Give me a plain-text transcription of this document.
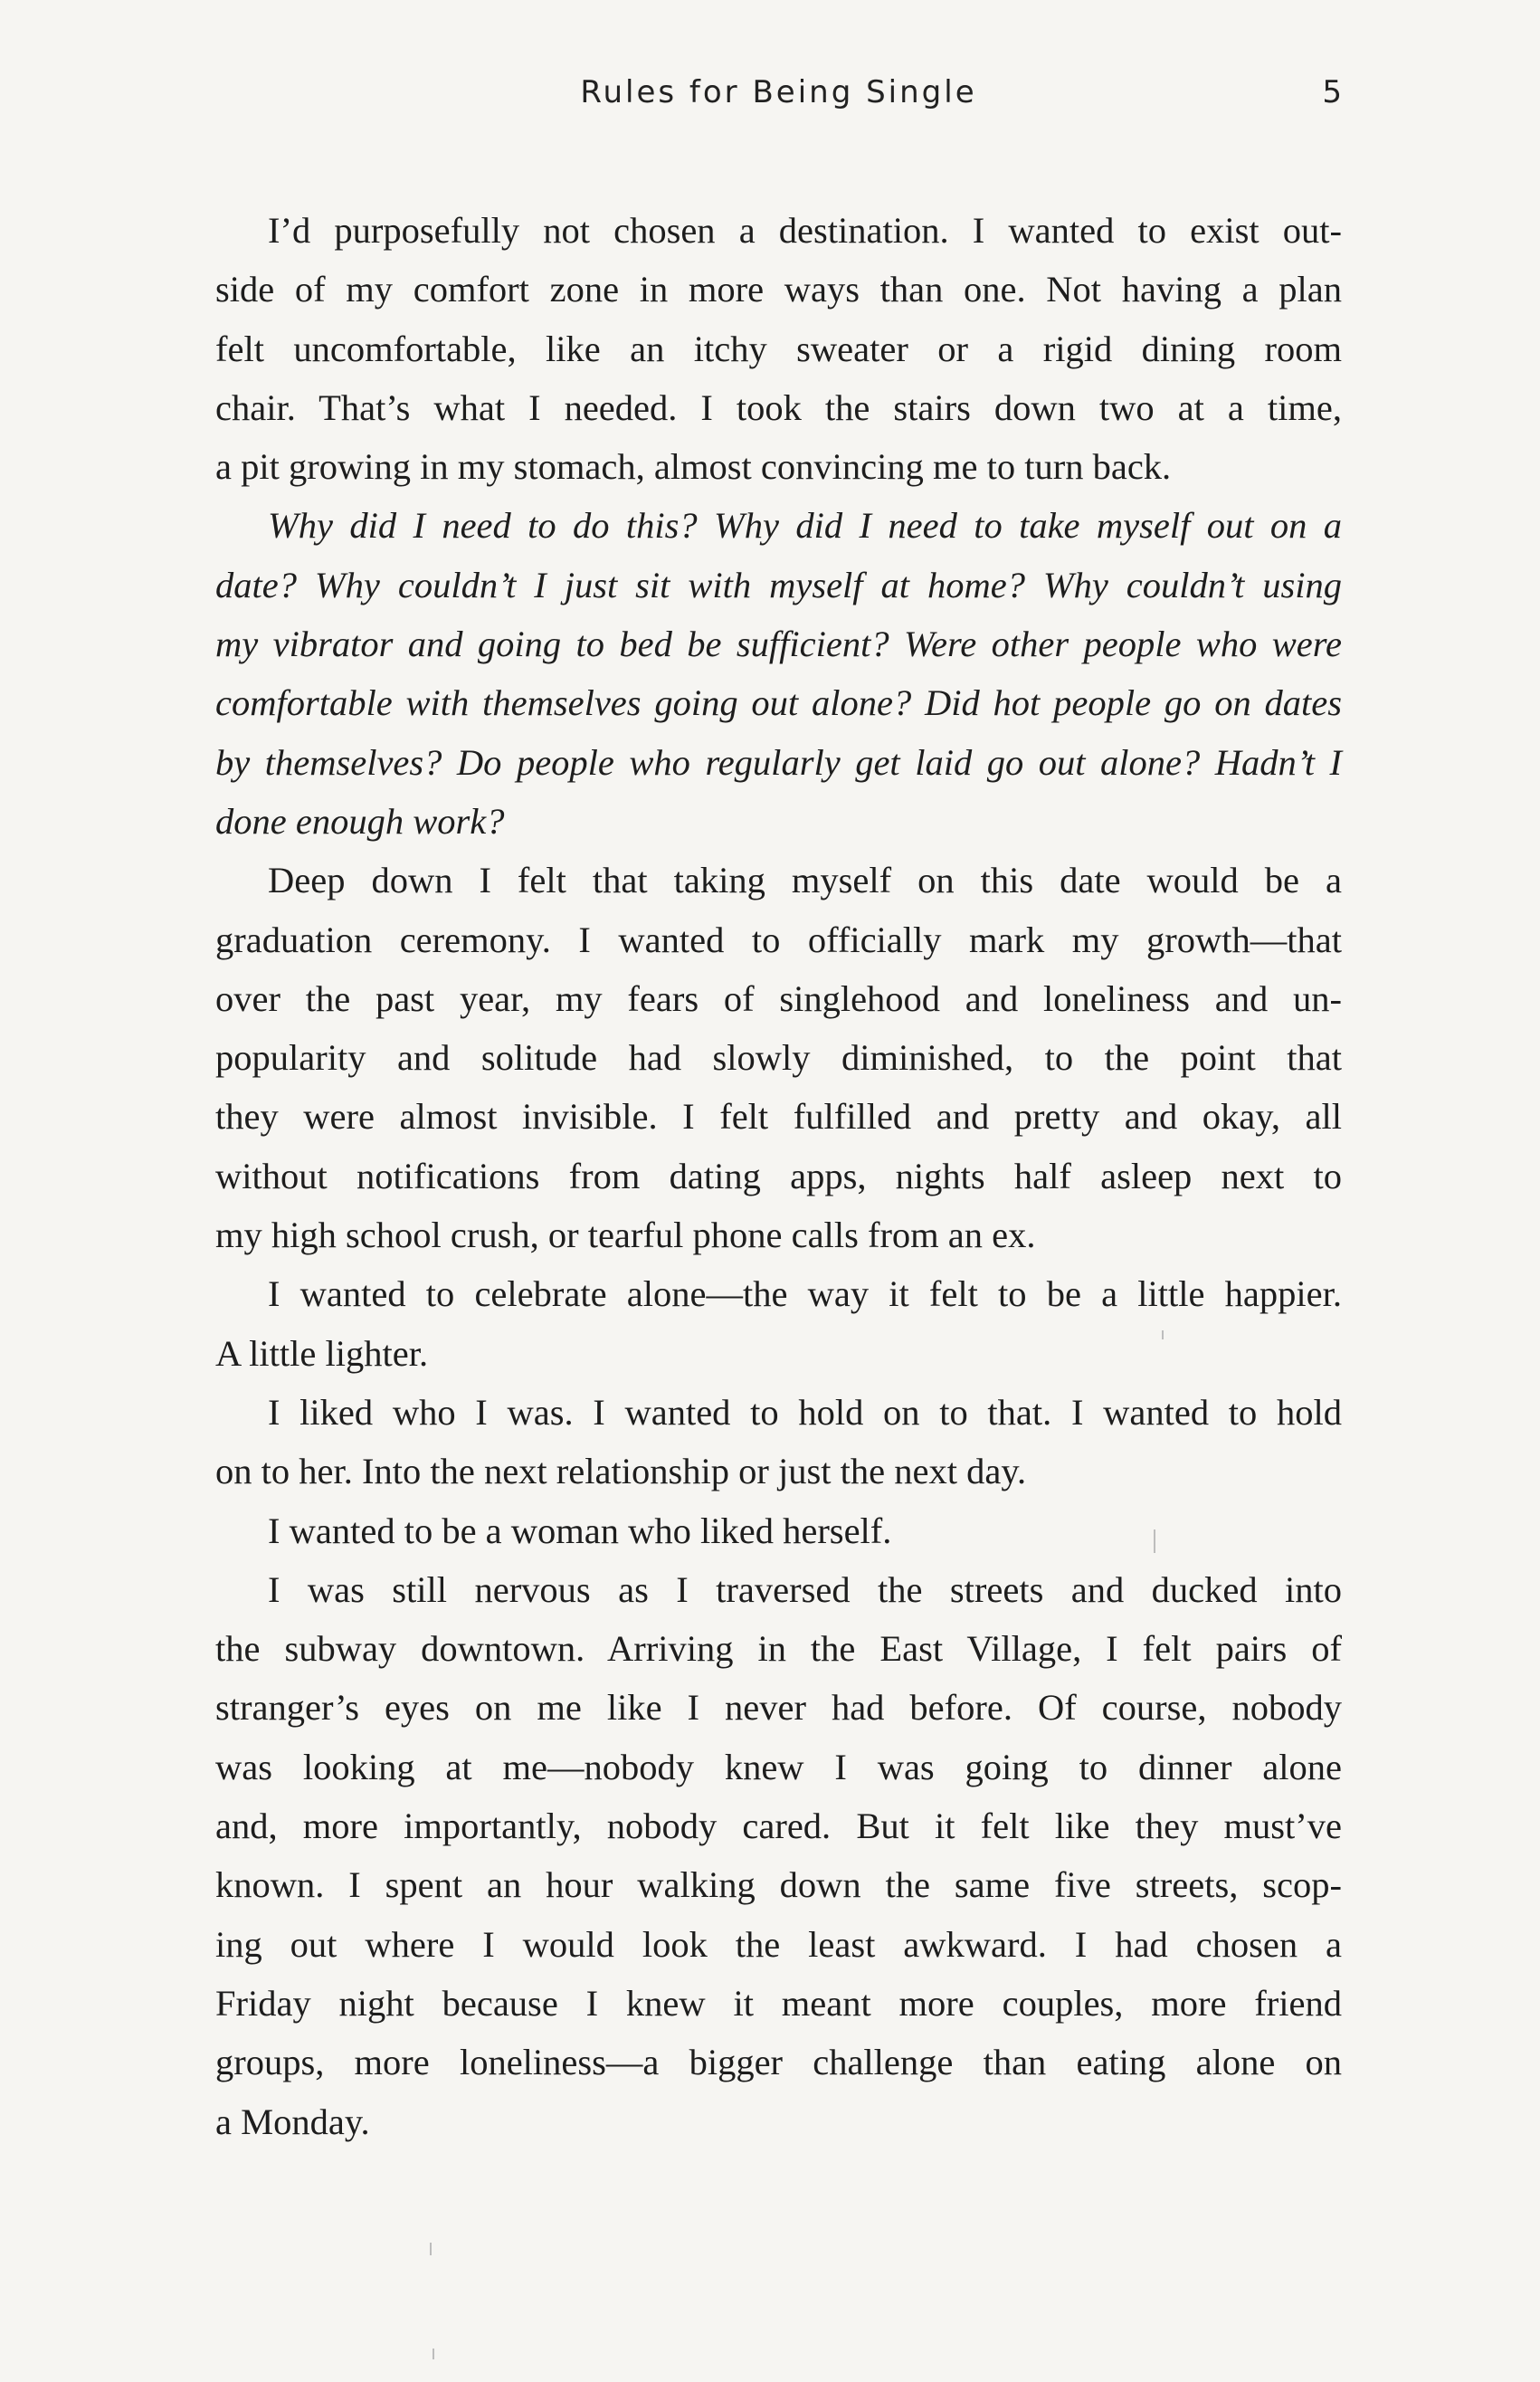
Rules for Being Single	5
I’d purposefully not chosen a destination. I wanted to exist out-
side of my comfort zone in more ways than one. Not having a plan
felt uncomfortable, like an itchy sweater or a rigid dining room
chair. That’s what I needed. I took the stairs down two at a time,
a pit growing in my stomach, almost convincing me to turn back.
Why did I need to do this? Why did I need to take myself out on a
date? Why couldn’t I just sit with myself at home? Why couldn’t using
my vibrator and going to bed be sufficient? Were other people who were
comfortable with themselves going out alone? Did hot people go on dates
by themselves? Do people who regularly get laid go out alone? Hadn’t I
done enough work?
Deep down I felt that taking myself on this date would be a
graduation ceremony. I wanted to officially mark my growth—that
over the past year, my fears of singlehood and loneliness and un-
popularity and solitude had slowly diminished, to the point that
they were almost invisible. I felt fulfilled and pretty and okay, all
without notifications from dating apps, nights half asleep next to
my high school crush, or tearful phone calls from an ex.
I wanted to celebrate alone—the way it felt to be a little happier.
A little lighter.
I liked who I was. I wanted to hold on to that. I wanted to hold
on to her. Into the next relationship or just the next day.
I wanted to be a woman who liked herself.
I was still nervous as I traversed the streets and ducked into
the subway downtown. Arriving in the East Village, I felt pairs of
stranger’s eyes on me like I never had before. Of course, nobody
was looking at me—nobody knew I was going to dinner alone
and, more importantly, nobody cared. But it felt like they must’ve
known. I spent an hour walking down the same five streets, scop-
ing out where I would look the least awkward. I had chosen a
Friday night because I knew it meant more couples, more friend
groups, more loneliness—a bigger challenge than eating alone on
a Monday.
